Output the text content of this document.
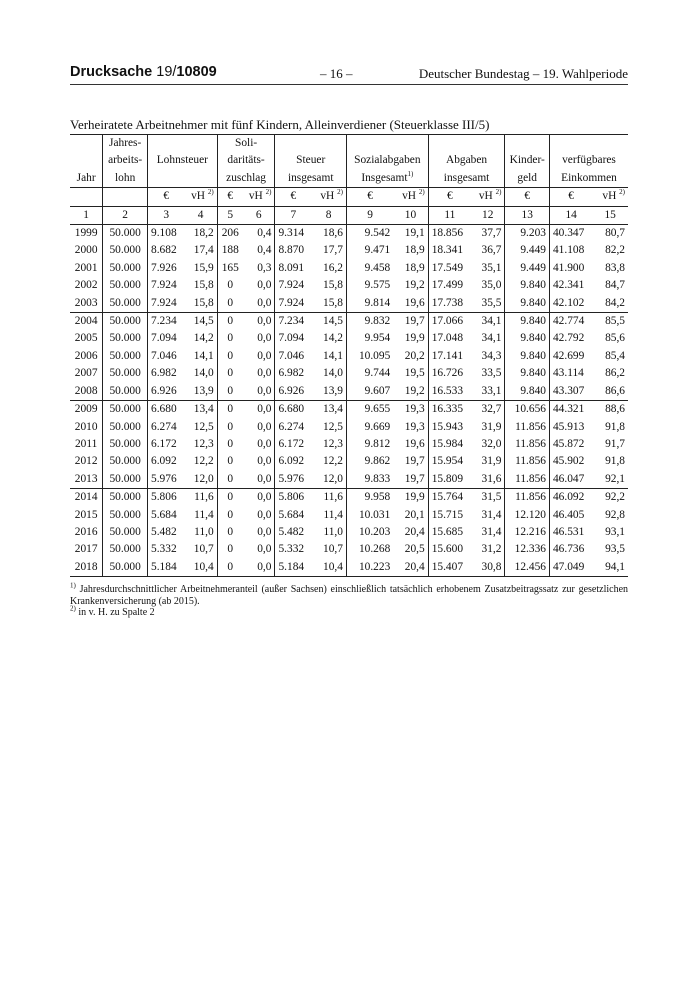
Drucksache 19/10809	– 16 –	Deutscher Bundestag – 19. Wahlperiode
Verheiratete Arbeitnehmer mit fünf Kindern, Alleinverdiener (Steuerklasse III/5)
	Jahres-			Soli-										
	arbeits-	Lohnsteuer		daritäts-		Steuer		Sozialabgaben		Abgaben		Kinder-	verfügbares	
Jahr	lohn			zuschlag		insgesamt		Insgesamt$^{1)}$		insgesamt		geld	Einkommen	
		€	vH $^{2)}$	€	vH $^{2)}$	€	vH $^{2)}$	€	vH $^{2)}$	€	vH $^{2)}$	€	€	vH $^{2)}$
1	2	3	4	5	6	7	8	9	10	11	12	13	14	15
1999	50.000	9.108	18,2	206	0,4	9.314	18,6	9.542	19,1	18.856	37,7	9.203	40.347	80,7
2000	50.000	8.682	17,4	188	0,4	8.870	17,7	9.471	18,9	18.341	36,7	9.449	41.108	82,2
2001	50.000	7.926	15,9	165	0,3	8.091	16,2	9.458	18,9	17.549	35,1	9.449	41.900	83,8
2002	50.000	7.924	15,8	0	0,0	7.924	15,8	9.575	19,2	17.499	35,0	9.840	42.341	84,7
2003	50.000	7.924	15,8	0	0,0	7.924	15,8	9.814	19,6	17.738	35,5	9.840	42.102	84,2
2004	50.000	7.234	14,5	0	0,0	7.234	14,5	9.832	19,7	17.066	34,1	9.840	42.774	85,5
2005	50.000	7.094	14,2	0	0,0	7.094	14,2	9.954	19,9	17.048	34,1	9.840	42.792	85,6
2006	50.000	7.046	14,1	0	0,0	7.046	14,1	10.095	20,2	17.141	34,3	9.840	42.699	85,4
2007	50.000	6.982	14,0	0	0,0	6.982	14,0	9.744	19,5	16.726	33,5	9.840	43.114	86,2
2008	50.000	6.926	13,9	0	0,0	6.926	13,9	9.607	19,2	16.533	33,1	9.840	43.307	86,6
2009	50.000	6.680	13,4	0	0,0	6.680	13,4	9.655	19,3	16.335	32,7	10.656	44.321	88,6
2010	50.000	6.274	12,5	0	0,0	6.274	12,5	9.669	19,3	15.943	31,9	11.856	45.913	91,8
2011	50.000	6.172	12,3	0	0,0	6.172	12,3	9.812	19,6	15.984	32,0	11.856	45.872	91,7
2012	50.000	6.092	12,2	0	0,0	6.092	12,2	9.862	19,7	15.954	31,9	11.856	45.902	91,8
2013	50.000	5.976	12,0	0	0,0	5.976	12,0	9.833	19,7	15.809	31,6	11.856	46.047	92,1
2014	50.000	5.806	11,6	0	0,0	5.806	11,6	9.958	19,9	15.764	31,5	11.856	46.092	92,2
2015	50.000	5.684	11,4	0	0,0	5.684	11,4	10.031	20,1	15.715	31,4	12.120	46.405	92,8
2016	50.000	5.482	11,0	0	0,0	5.482	11,0	10.203	20,4	15.685	31,4	12.216	46.531	93,1
2017	50.000	5.332	10,7	0	0,0	5.332	10,7	10.268	20,5	15.600	31,2	12.336	46.736	93,5
2018	50.000	5.184	10,4	0	0,0	5.184	10,4	10.223	20,4	15.407	30,8	12.456	47.049	94,1

$^{1)}$ Jahresdurchschnittlicher Arbeitnehmeranteil (außer Sachsen) einschließlich tatsächlich erhobenem Zusatzbeitragssatz zur gesetzlichen Krankenversicherung (ab 2015).

$^{2)}$ in v. H. zu Spalte 2
